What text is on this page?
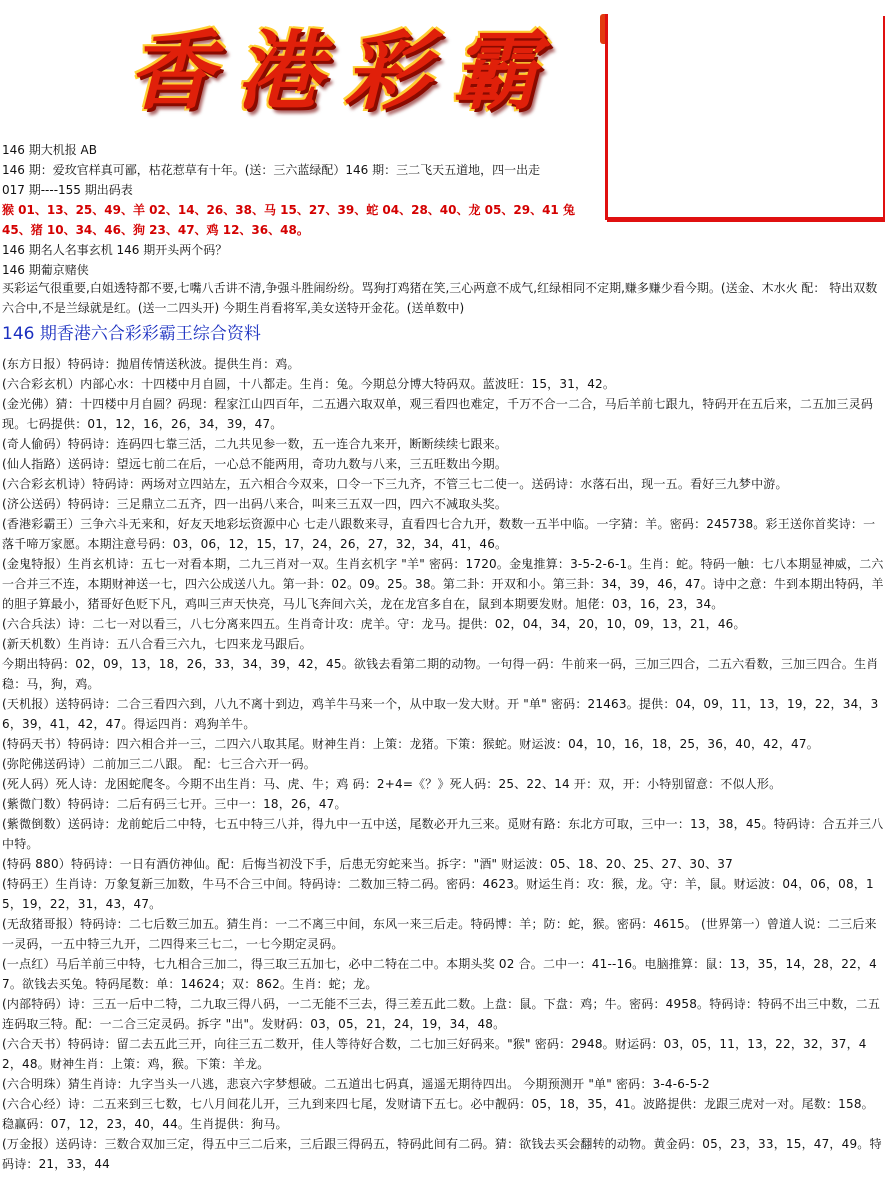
香港彩霸

146 期大机报 AB

146 期：爱玫官样真可鄙，枯花惹草有十年。(送：三六蓝绿配）146 期：三二飞天五道地，四一出走

017 期----155 期出码表

猴 01、13、25、49、羊 02、14、26、38、马 15、27、39、蛇 04、28、40、龙 05、29、41 兔

45、猪 10、34、46、狗 23、47、鸡 12、36、48。

146 期名人名事玄机 146 期开头两个码？

146 期葡京赌侠

买彩运气很重要,白姐透特都不要,七嘴八舌讲不清,争强斗胜闹纷纷。骂狗打鸡猪在笑,三心两意不成气,红绿相同不定期,赚多赚少看今期。(送金、木水火 配： 特出双数六合中,不是兰绿就是红。(送一二四头开) 今期生肖看将军,美女送特开金花。(送单数中)

146 期香港六合彩彩霸王综合资料

(东方日报）特码诗：抛眉传情送秋波。提供生肖：鸡。

(六合彩玄机）内部心水：十四楼中月自圆，十八都走。生肖：兔。今期总分博大特码双。蓝波旺：15，31，42。

(金光佛）猜：十四楼中月自圆？码现：程家江山四百年，二五遇六取双单，观三看四也难定，千万不合一二合，马后羊前七跟九，特码开在五后来，二五加三灵码现。七码提供：01，12，16，26，34，39，47。

(奇人偷码）特码诗：连码四七靠三活，二九共见参一数，五一连合九来开，断断续续七跟来。

(仙人指路）送码诗：望远七前二在后，一心总不能两用，奇功九数与八来，三五旺数出今期。

(六合彩玄机诗）特码诗：两场对立四站左，五六相合今双来，口令一下三九齐，不管三七二使一。送码诗：水落石出，现一五。看好三九梦中游。

(济公送码）特码诗：三足鼎立二五齐，四一出码八来合，叫来三五双一四，四六不减取头奖。

(香港彩霸王）三争六斗无来和，好友天地彩坛资源中心 七走八跟数来寻，直看四七合九开，数数一五半中临。一字猜：羊。密码：245738。彩王送你首奖诗：一落千啼万家愿。本期注意号码：03，06，12，15，17，24，26，27，32，34，41，46。

(金鬼特报）生肖玄机诗：五七一对看本期，二九三肖对一双。生肖玄机字 "羊" 密码：1720。金鬼推算：3-5-2-6-1。生肖：蛇。特码一触：七八本期显神威，二六一合并三不连，本期财神送一七，四六公成送八九。第一卦：02。09。25。38。第二卦：开双和小。第三卦：34，39，46，47。诗中之意：牛到本期出特码，羊的胆子算最小，猪哥好色贬下凡，鸡叫三声天快亮，马儿飞奔间六关，龙在龙宫多自在，鼠到本期要发财。旭佬：03，16，23，34。

(六合兵法）诗：二七一对以看三，八七分离来四五。生肖奇计攻：虎羊。守：龙马。提供：02，04，34，20，10，09，13，21，46。

(新天机数）生肖诗：五八合看三六九，七四来龙马跟后。

今期出特码：02，09，13，18，26，33，34，39，42，45。欲钱去看第二期的动物。一句得一码：牛前来一码，三加三四合，二五六看数，三加三四合。生肖稳：马，狗，鸡。

(天机报）送特码诗：二合三看四六到，八九不离十到边，鸡羊牛马来一个，从中取一发大财。开 "单" 密码：21463。提供：04，09，11，13，19，22，34，36，39，41，42，47。得运四肖：鸡狗羊牛。

(特码天书）特码诗：四六相合并一三，二四六八取其尾。财神生肖：上策：龙猪。下策：猴蛇。财运波：04，10，16，18，25，36，40，42，47。

(弥陀佛送码诗）二前加三二八跟。 配：七三合六开一码。

(死人码）死人诗：龙困蛇爬冬。今期不出生肖：马、虎、牛；鸡 码：2+4=《？》死人码：25、22、14 开：双，开：小特别留意：不似人形。

(紫微门数）特码诗：二后有码三七开。三中一：18，26，47。

(紫微倒数）送码诗：龙前蛇后二中特，七五中特三八并，得九中一五中送，尾数必开九三来。觅财有路：东北方可取，三中一：13，38，45。特码诗：合五并三八中特。

(特码 880）特码诗：一日有酒仿神仙。配：后悔当初没下手，后患无穷蛇来当。拆字："酒" 财运波：05、18、20、25、27、30、37

(特码王）生肖诗：万象复新三加数，牛马不合三中间。特码诗：二数加三特二码。密码：4623。财运生肖：攻：猴，龙。守：羊，鼠。财运波：04，06，08，15，19，22，31，43，47。

(无敌猪哥报）特码诗：二七后数三加五。猜生肖：一二不离三中间，东风一来三后走。特码博：羊；防：蛇，猴。密码：4615。 (世界第一）曾道人说：二三后来一灵码，一五中特三九开，二四得来三七二，一七今期定灵码。

(一点红）马后羊前三中特，七九相合三加二，得三取三五加七，必中二特在二中。本期头奖 02 合。二中一：41--16。电脑推算：鼠：13，35，14，28，22，47。欲钱去买兔。特码尾数：单：14624；双：862。生肖：蛇；龙。

(内部特码）诗：三五一后中二特，二九取三得八码，一二无能不三去，得三差五此二数。上盘：鼠。下盘：鸡；牛。密码：4958。特码诗：特码不出三中数，二五连码取三特。配：一二合三定灵码。拆字 "出"。发财码：03，05，21，24，19，34，48。

(六合天书）特码诗：留二去五此三开，向往三五二数开，佳人等待好合数，二七加三好码来。"猴" 密码：2948。财运码：03，05，11，13，22，32，37，42，48。财神生肖：上策：鸡，猴。下策：羊龙。

(六合明珠）猜生肖诗：九字当头一八逃，悲哀六字梦想破。二五道出七码真，遥遥无期待四出。 今期预测开 "单" 密码：3-4-6-5-2

(六合心经）诗：二五来到三七数，七八月间花儿开，三九到来四七尾，发财请下五七。必中靓码：05，18，35，41。波路提供：龙跟三虎对一对。尾数：158。稳赢码：07，12，23，40，44。生肖提供：狗马。

(万金报）送码诗：三数合双加三定，得五中三二后来，三后跟三得码五，特码此间有二码。猜：欲钱去买会翻转的动物。黄金码：05，23，33，15，47，49。特码诗：21，33，44
